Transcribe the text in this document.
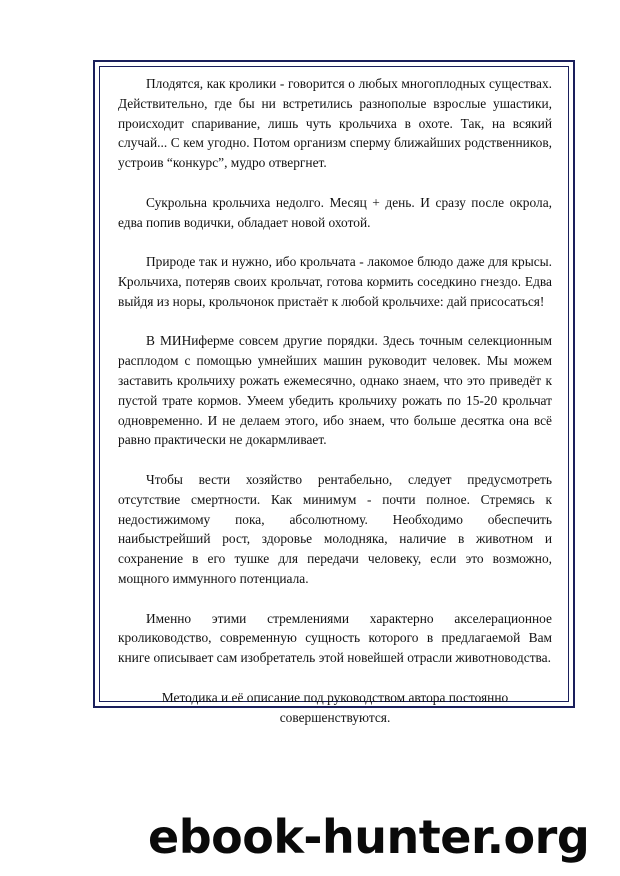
Плодятся, как кролики - говорится о любых многоплодных существах. Действительно, где бы ни встретились разнополые взрослые ушастики, происходит спаривание, лишь чуть крольчиха в охоте. Так, на всякий случай... С кем угодно. Потом организм сперму ближайших родственников, устроив “конкурс”, мудро отвергнет.

Сукрольна крольчиха недолго. Месяц + день. И сразу после окрола, едва попив водички, обладает новой охотой.

Природе так и нужно, ибо крольчата - лакомое блюдо даже для крысы. Крольчиха, потеряв своих крольчат, готова кормить соседкино гнездо. Едва выйдя из норы, крольчонок пристаёт к любой крольчихе: дай присосаться!

В МИНиферме совсем другие порядки. Здесь точным селекционным расплодом с помощью умнейших машин руководит человек. Мы можем заставить крольчиху рожать ежемесячно, однако знаем, что это приведёт к пустой трате кормов. Умеем убедить крольчиху рожать по 15-20 крольчат одновременно. И не делаем этого, ибо знаем, что больше десятка она всё равно практически не докармливает.

Чтобы вести хозяйство рентабельно, следует предусмотреть отсутствие смертности. Как минимум - почти полное. Стремясь к недостижимому пока, абсолютному. Необходимо обеспечить наибыстрейший рост, здоровье молодняка, наличие в животном и сохранение в его тушке для передачи человеку, если это возможно, мощного иммунного потенциала.

Именно этими стремлениями характерно акселерационное кролиководство, современную сущность которого в предлагаемой Вам книге описывает сам изобретатель этой новейшей отрасли животноводства.

Методика и её описание под руководством автора постоянно совершенствуются.

ebook-hunter.org
